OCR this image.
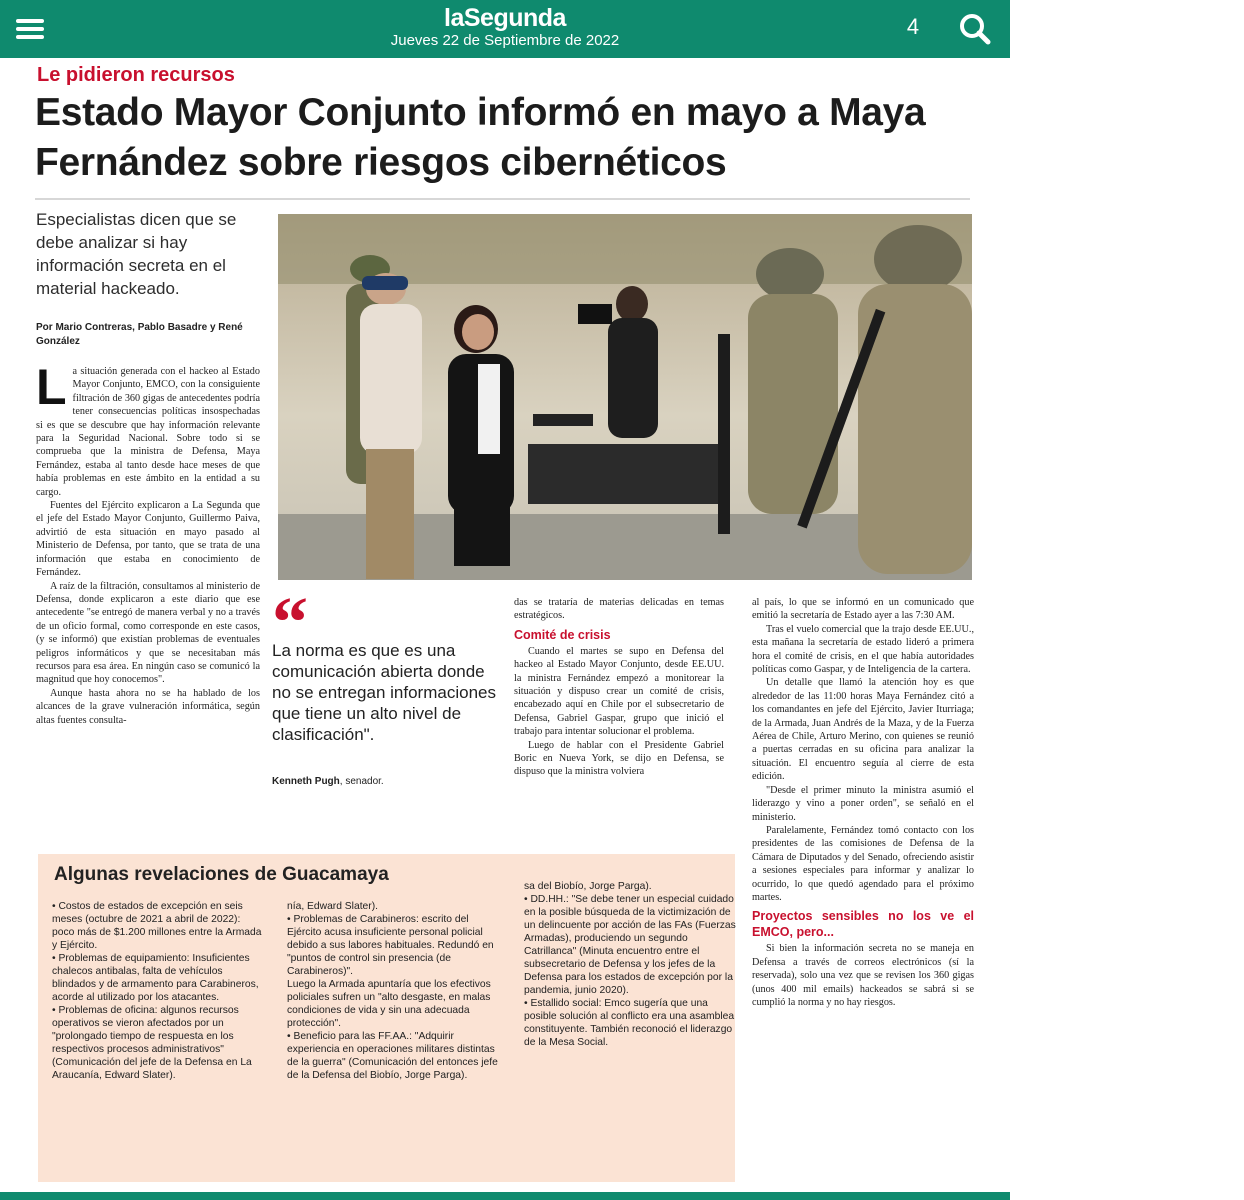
laSegunda
Jueves 22 de Septiembre de 2022
4
Le pidieron recursos
Estado Mayor Conjunto informó en mayo a Maya Fernández sobre riesgos cibernéticos
Especialistas dicen que se debe analizar si hay información secreta en el material hackeado.
Por Mario Contreras, Pablo Basadre y René González
La ministra de Defensa, Maya Fernández.

La situación generada con el hackeo al Estado Mayor Conjunto, EMCO, con la consiguiente filtración de 360 gigas de antecedentes podría tener consecuencias políticas insospechadas si es que se descubre que hay información relevante para la Seguridad Nacional. Sobre todo si se comprueba que la ministra de Defensa, Maya Fernández, estaba al tanto desde hace meses de que había problemas en este ámbito en la entidad a su cargo.

Fuentes del Ejército explicaron a La Segunda que el jefe del Estado Mayor Conjunto, Guillermo Paiva, advirtió de esta situación en mayo pasado al Ministerio de Defensa, por tanto, que se trata de una información que estaba en conocimiento de Fernández.

A raíz de la filtración, consultamos al ministerio de Defensa, donde explicaron a este diario que ese antecedente "se entregó de manera verbal y no a través de un oficio formal, como corresponde en este casos, (y se informó) que existían problemas de eventuales peligros informáticos y que se necesitaban más recursos para esa área. En ningún caso se comunicó la magnitud que hoy conocemos".

Aunque hasta ahora no se ha hablado de los alcances de la grave vulneración informática, según altas fuentes consulta-

“
La norma es que es una comunicación abierta donde no se entregan informaciones que tiene un alto nivel de clasificación".
Kenneth Pugh, senador.

das se trataría de materias delicadas en temas estratégicos.

Comité de crisis

Cuando el martes se supo en Defensa del hackeo al Estado Mayor Conjunto, desde EE.UU. la ministra Fernández empezó a monitorear la situación y dispuso crear un comité de crisis, encabezado aquí en Chile por el subsecretario de Defensa, Gabriel Gaspar, grupo que inició el trabajo para intentar solucionar el problema.

Luego de hablar con el Presidente Gabriel Boric en Nueva York, se dijo en Defensa, se dispuso que la ministra volviera

al país, lo que se informó en un comunicado que emitió la secretaría de Estado ayer a las 7:30 AM.

Tras el vuelo comercial que la trajo desde EE.UU., esta mañana la secretaría de estado lideró a primera hora el comité de crisis, en el que había autoridades políticas como Gaspar, y de Inteligencia de la cartera.

Un detalle que llamó la atención hoy es que alrededor de las 11:00 horas Maya Fernández citó a los comandantes en jefe del Ejército, Javier Iturriaga; de la Armada, Juan Andrés de la Maza, y de la Fuerza Aérea de Chile, Arturo Merino, con quienes se reunió a puertas cerradas en su oficina para analizar la situación. El encuentro seguía al cierre de esta edición.

"Desde el primer minuto la ministra asumió el liderazgo y vino a poner orden", se señaló en el ministerio.

Paralelamente, Fernández tomó contacto con los presidentes de las comisiones de Defensa de la Cámara de Diputados y del Senado, ofreciendo asistir a sesiones especiales para informar y analizar lo ocurrido, lo que quedó agendado para el próximo martes.

Proyectos sensibles no los ve el EMCO, pero...

Si bien la información secreta no se maneja en Defensa a través de correos electrónicos (sí la reservada), solo una vez que se revisen los 360 gigas (unos 400 mil emails) hackeados se sabrá si se cumplió la norma y no hay riesgos.

Algunas revelaciones de Guacamaya

• Costos de estados de excepción en seis meses (octubre de 2021 a abril de 2022): poco más de $1.200 millones entre la Armada y Ejército.

• Problemas de equipamiento: Insuficientes chalecos antibalas, falta de vehículos blindados y de armamento para Carabineros, acorde al utilizado por los atacantes.

• Problemas de oficina: algunos recursos operativos se vieron afectados por un "prolongado tiempo de respuesta en los respectivos procesos administrativos" (Comunicación del jefe de la Defensa en La Araucanía, Edward Slater).

nía, Edward Slater).

• Problemas de Carabineros: escrito del Ejército acusa insuficiente personal policial debido a sus labores habituales. Redundó en "puntos de control sin presencia (de Carabineros)".

Luego la Armada apuntaría que los efectivos policiales sufren un "alto desgaste, en malas condiciones de vida y sin una adecuada protección".

• Beneficio para las FF.AA.: "Adquirir experiencia en operaciones militares distintas de la guerra" (Comunicación del entonces jefe de la Defensa del Biobío, Jorge Parga).

sa del Biobío, Jorge Parga).

• DD.HH.: "Se debe tener un especial cuidado en la posible búsqueda de la victimización de un delincuente por acción de las FAs (Fuerzas Armadas), produciendo un segundo Catrillanca" (Minuta encuentro entre el subsecretario de Defensa y los jefes de la Defensa para los estados de excepción por la pandemia, junio 2020).

• Estallido social: Emco sugería que una posible solución al conflicto era una asamblea constituyente. También reconoció el liderazgo de la Mesa Social.
